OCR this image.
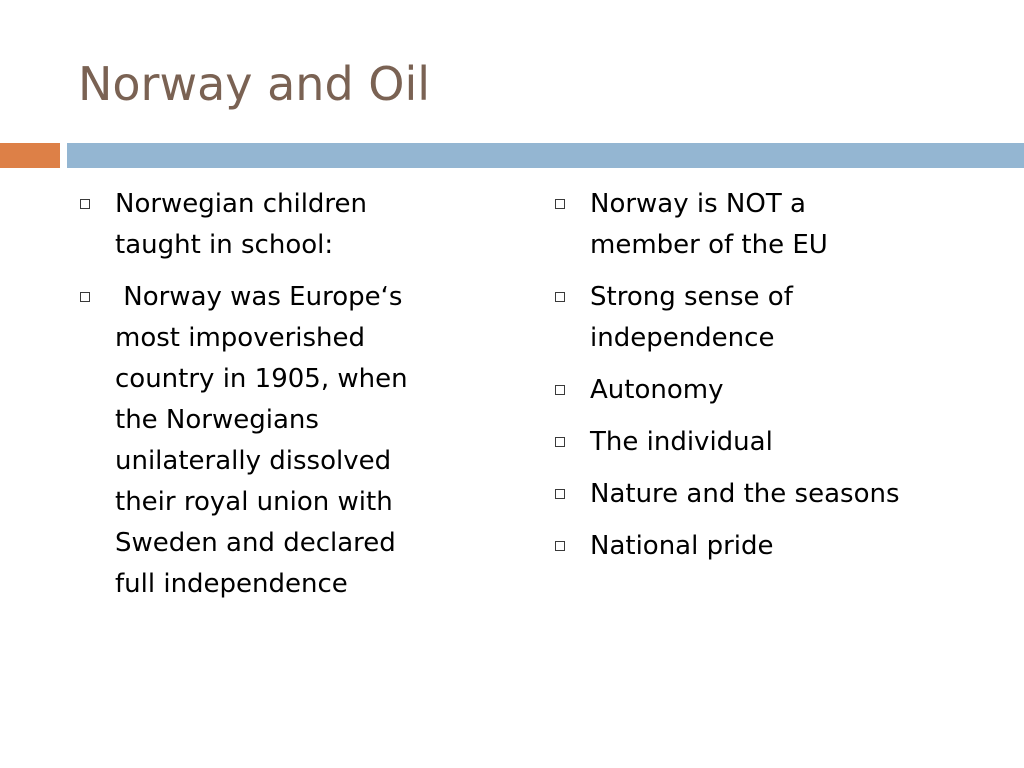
Norway and Oil
Norwegian children
taught in school:
Norway was Europe‘s
most impoverished
country in 1905, when
the Norwegians
unilaterally dissolved
their royal union with
Sweden and declared
full independence
Norway is NOT a
member of the EU
Strong sense of
independence
Autonomy
The individual
Nature and the seasons
National pride
